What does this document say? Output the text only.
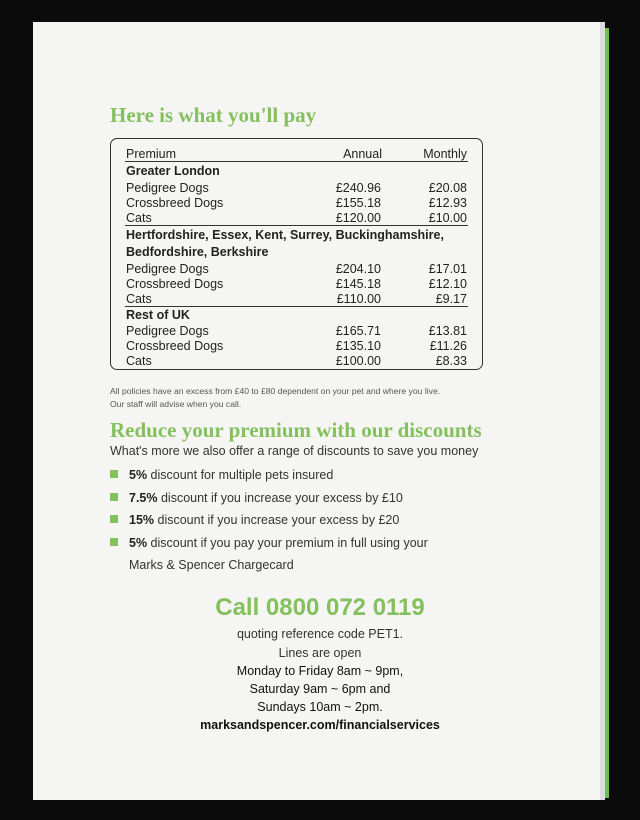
Here is what you'll pay
Premium	Annual	Monthly
Greater London
Pedigree Dogs	£240.96	£20.08
Crossbreed Dogs	£155.18	£12.93
Cats	£120.00	£10.00
Hertfordshire, Essex, Kent, Surrey, Buckinghamshire,
Bedfordshire, Berkshire
Pedigree Dogs	£204.10	£17.01
Crossbreed Dogs	£145.18	£12.10
Cats	£110.00	£9.17
Rest of UK
Pedigree Dogs	£165.71	£13.81
Crossbreed Dogs	£135.10	£11.26
Cats	£100.00	£8.33
All policies have an excess from £40 to £80 dependent on your pet and where you live.
Our staff will advise when you call.
Reduce your premium with our discounts
What's more we also offer a range of discounts to save you money
5% discount for multiple pets insured
7.5% discount if you increase your excess by £10
15% discount if you increase your excess by £20
5% discount if you pay your premium in full using your
Marks & Spencer Chargecard
Call 0800 072 0119
quoting reference code PET1.
Lines are open
Monday to Friday 8am ~ 9pm,
Saturday 9am ~ 6pm and
Sundays 10am ~ 2pm.
marksandspencer.com/financialservices
